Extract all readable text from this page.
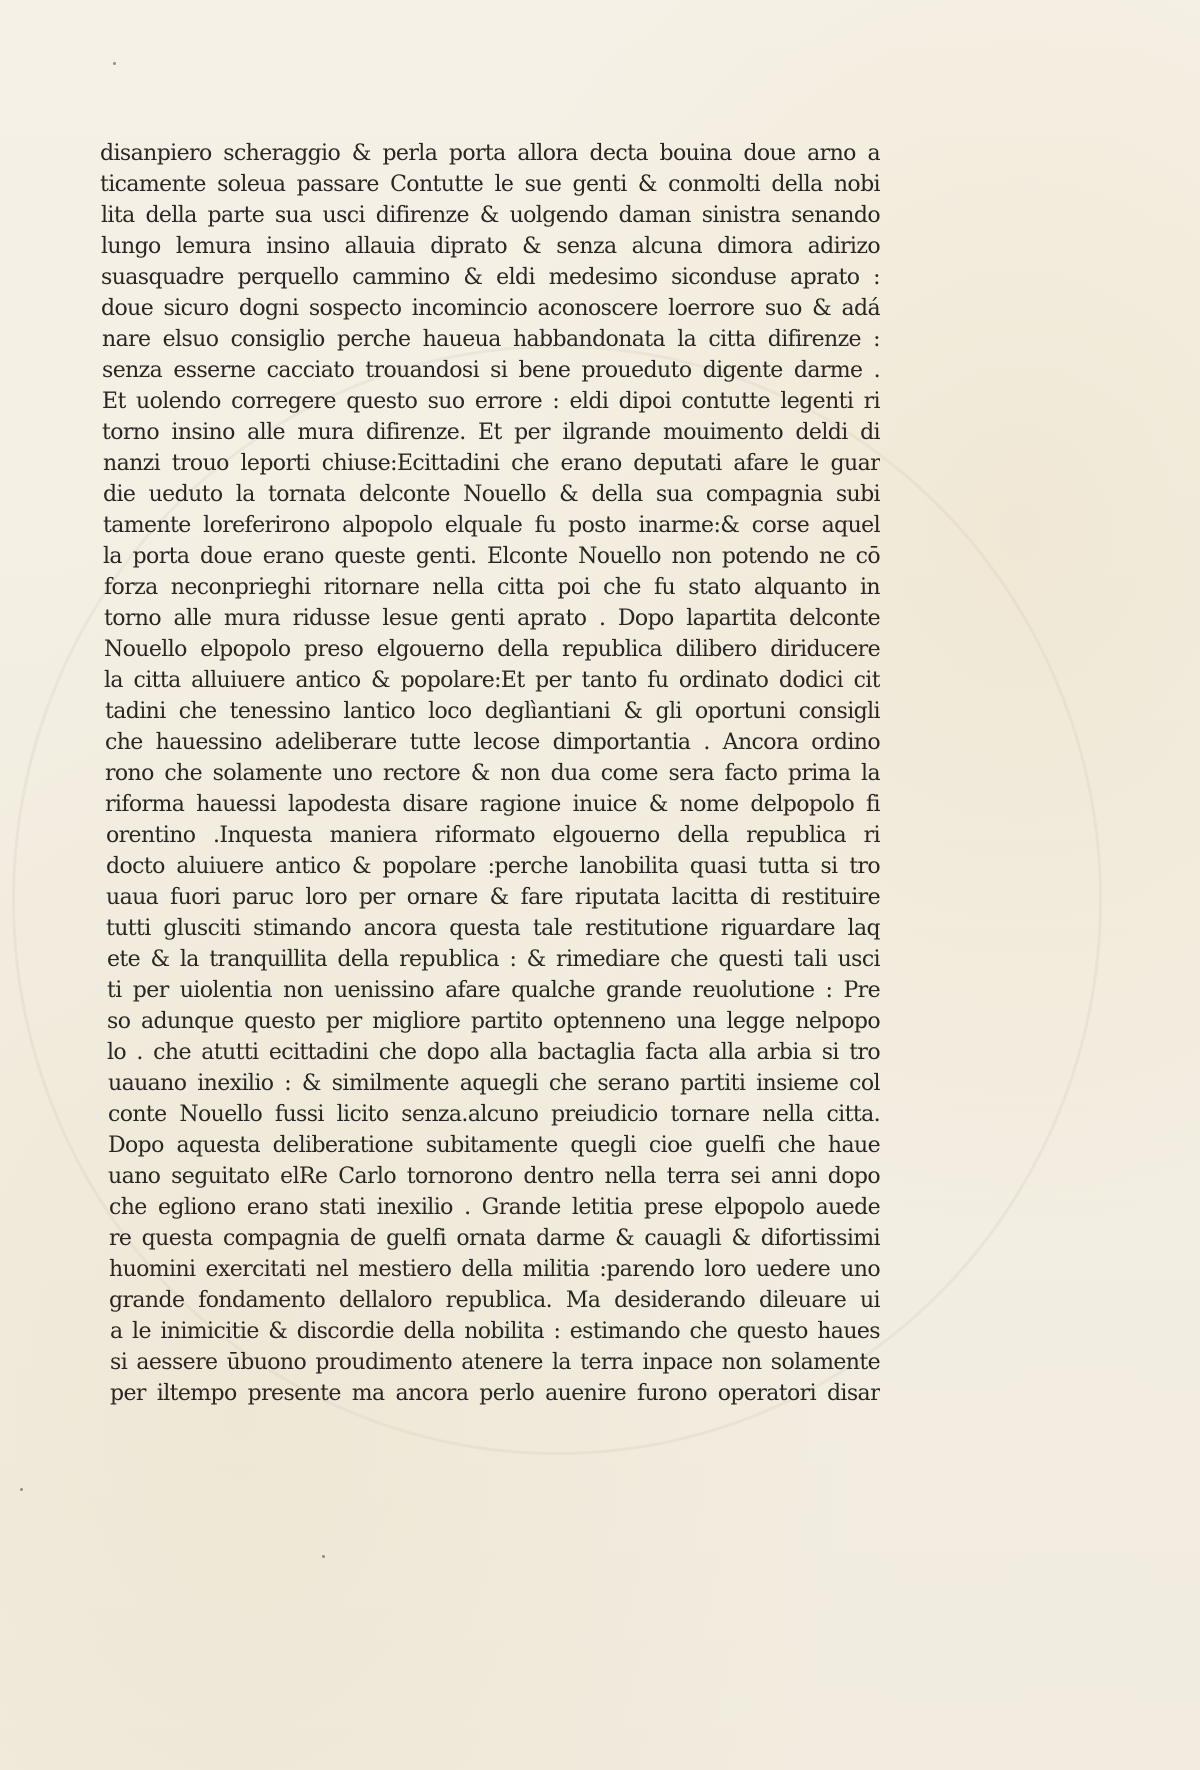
disanpiero scheraggio & perla porta allora decta bouina doue arno a
ticamente soleua passare Contutte le sue genti & conmolti della nobi
lita della parte sua usci difirenze & uolgendo daman sinistra senando
lungo lemura insino allauia diprato & senza alcuna dimora adirizo
suasquadre perquello cammino & eldi medesimo siconduse aprato :
doue sicuro dogni sospecto incomincio aconoscere loerrore suo & adá
nare elsuo consiglio perche haueua habbandonata la citta difirenze :
senza esserne cacciato trouandosi si bene proueduto digente darme .
Et uolendo corregere questo suo errore : eldi dipoi contutte legenti ri
torno insino alle mura difirenze. Et per ilgrande mouimento deldi di
nanzi trouo leporti chiuse:Ecittadini che erano deputati afare le guar
die ueduto la tornata delconte Nouello & della sua compagnia subi
tamente loreferirono alpopolo elquale fu posto inarme:& corse aquel
la porta doue erano queste genti. Elconte Nouello non potendo ne cō
forza neconprieghi ritornare nella citta poi che fu stato alquanto in
torno alle mura ridusse lesue genti aprato . Dopo lapartita delconte
Nouello elpopolo preso elgouerno della republica dilibero diriducere
la citta alluiuere antico & popolare:Et per tanto fu ordinato dodici cit
tadini che tenessino lantico loco deglìantiani & gli oportuni consigli
che hauessino adeliberare tutte lecose dimportantia . Ancora ordino
rono che solamente uno rectore & non dua come sera facto prima la
riforma hauessi lapodesta disare ragione inuice & nome delpopolo fi
orentino .Inquesta maniera riformato elgouerno della republica ri
docto aluiuere antico & popolare :perche lanobilita quasi tutta si tro
uaua fuori paruc loro per ornare & fare riputata lacitta di restituire
tutti glusciti stimando ancora questa tale restitutione riguardare laq
ete & la tranquillita della republica : & rimediare che questi tali usci
ti per uiolentia non uenissino afare qualche grande reuolutione : Pre
so adunque questo per migliore partito optenneno una legge nelpopo
lo . che atutti ecittadini che dopo alla bactaglia facta alla arbia si tro
uauano inexilio : & similmente aquegli che serano partiti insieme col
conte Nouello fussi licito senza.alcuno preiudicio tornare nella citta.
Dopo aquesta deliberatione subitamente quegli cioe guelfi che haue
uano seguitato elRe Carlo tornorono dentro nella terra sei anni dopo
che egliono erano stati inexilio . Grande letitia prese elpopolo auede
re questa compagnia de guelfi ornata darme & cauagli & difortissimi
huomini exercitati nel mestiero della militia :parendo loro uedere uno
grande fondamento dellaloro republica. Ma desiderando dileuare ui
a le inimicitie & discordie della nobilita : estimando che questo haues
si aessere ūbuono proudimento atenere la terra inpace non solamente
per iltempo presente ma ancora perlo auenire furono operatori disar
